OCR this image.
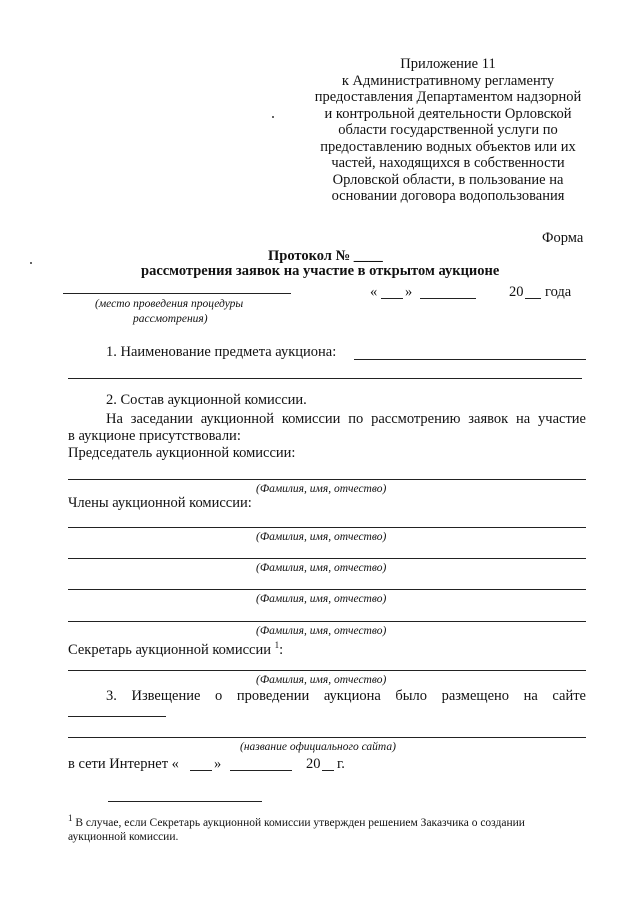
Приложение 11
к Административному регламенту
предоставления Департаментом надзорной
и контрольной деятельности Орловской
области государственной услуги по
предоставлению водных объектов или их
частей, находящихся в собственности
Орловской области, в пользование на
основании договора водопользования
Форма
Протокол № ____
рассмотрения заявок на участие в открытом аукционе
(место проведения процедуры
рассмотрения)
« »	20 года
1. Наименование предмета аукциона:
2. Состав аукционной комиссии.
На заседании аукционной комиссии по рассмотрению заявок на участие
в аукционе присутствовали:
Председатель аукционной комиссии:
(Фамилия, имя, отчество)
Члены аукционной комиссии:
(Фамилия, имя, отчество)
(Фамилия, имя, отчество)
(Фамилия, имя, отчество)
(Фамилия, имя, отчество)
Секретарь аукционной комиссии $^1$:
(Фамилия, имя, отчество)
3. Извещение о проведении аукциона было размещено на сайте
(название официального сайта)
в сети Интернет « »	20 г.
$^1$ В случае, если Секретарь аукционной комиссии утвержден решением Заказчика о создании
аукционной комиссии.
